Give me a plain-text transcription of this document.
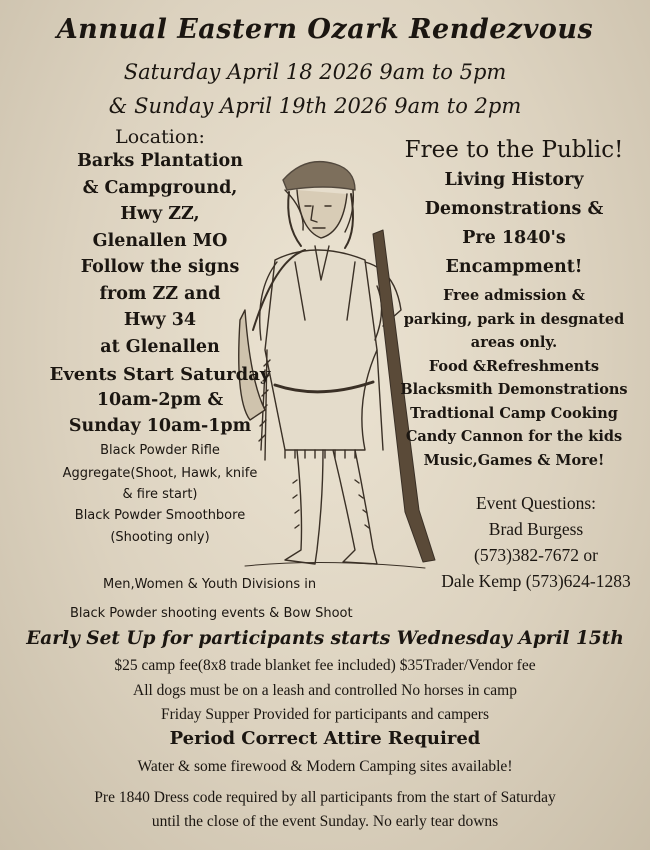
Annual Eastern Ozark Rendezvous
Saturday April 18 2026 9am to 5pm
& Sunday April 19th 2026 9am to 2pm
Location:
Barks Plantation
& Campground,
Hwy ZZ,
Glenallen MO
Follow the signs
from ZZ and
Hwy 34
at Glenallen
Events Start Saturday
10am-2pm &
Sunday 10am-1pm
Black Powder Rifle
Aggregate(Shoot, Hawk, knife
& fire start)
Black Powder Smoothbore
(Shooting only)
Free to the Public!
Living History
Demonstrations &
Pre 1840's
Encampment!
Free admission &
parking, park in desgnated
areas only.
Food &Refreshments
Blacksmith Demonstrations
Tradtional Camp Cooking
Candy Cannon for the kids
Music,Games & More!
Event Questions:
Brad Burgess
(573)382-7672 or
Dale Kemp (573)624-1283
Men,Women & Youth Divisions in
Black Powder shooting events & Bow Shoot
Early Set Up for participants starts Wednesday April 15th
$25 camp fee(8x8 trade blanket fee included) $35Trader/Vendor fee
All dogs must be on a leash and controlled No horses in camp
Friday Supper Provided for participants and campers
Period Correct Attire Required
Water & some firewood & Modern Camping sites available!
Pre 1840 Dress code required by all participants from the start of Saturday
until the close of the event Sunday. No early tear downs
